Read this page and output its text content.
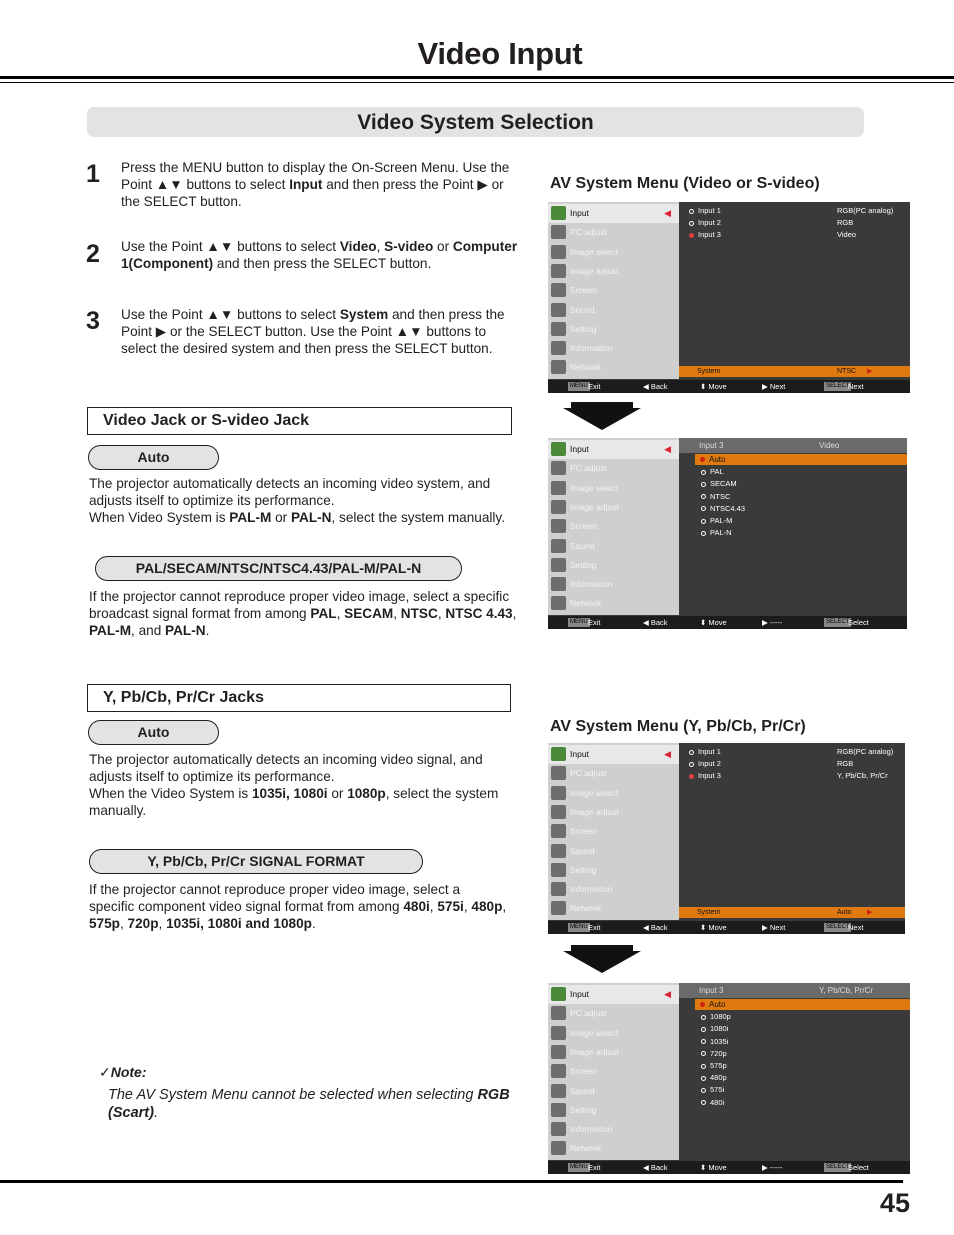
Video Input
Video System Selection
1 Press the MENU button to display the On-Screen Menu. Use the Point ▲▼ buttons to select Input and then press the Point ▶ or the SELECT button.
2 Use the Point ▲▼ buttons to select Video, S-video or Computer 1(Component) and then press the SELECT button.
3 Use the Point ▲▼ buttons to select System and then press the Point ▶ or the SELECT button. Use the Point ▲▼ buttons to select the desired system and then press the SELECT button.
Video Jack or S-video Jack
Auto
The projector automatically detects an incoming video system, and adjusts itself to optimize its performance.
When Video System is PAL-M or PAL-N, select the system manually.
PAL/SECAM/NTSC/NTSC4.43/PAL-M/PAL-N
If the projector cannot reproduce proper video image, select a specific broadcast signal format from among PAL, SECAM, NTSC, NTSC 4.43, PAL-M, and PAL-N.
Y, Pb/Cb, Pr/Cr Jacks
Auto
The projector automatically detects an incoming video signal, and adjusts itself to optimize its performance.
When the Video System is 1035i, 1080i or 1080p, select the system manually.
Y, Pb/Cb, Pr/Cr SIGNAL FORMAT
If the projector cannot reproduce proper video image, select a specific component video signal format from among 480i, 575i, 480p, 575p, 720p, 1035i, 1080i and 1080p.
✓Note:
The AV System Menu cannot be selected when selecting RGB (Scart).
AV System Menu (Video or S-video)
AV System Menu (Y, Pb/Cb, Pr/Cr)
Input	◀
PC adjust
Image select
Image adjust
Screen
Sound
Setting
Information
Network
MENU Exit	◀ Back	⬍ Move	▶ Next	SELECT
Next
Input 1	RGB(PC analog)
Input 2	RGB
Input 3	Video
System	NTSC ▶
Input	◀
PC adjust
Image select
Image adjust
Screen
Sound
Setting
Information
Network
MENU Exit	◀ Back	⬍ Move	▶ -----	SELECT
Select
Input 3	Video
Auto
PAL
SECAM
NTSC
NTSC4.43
PAL-M
PAL-N
Input	◀
PC adjust
Image select
Image adjust
Screen
Sound
Setting
Information
Network
MENU Exit	◀ Back	⬍ Move	▶ Next	SELECT
Next
Input 1	RGB(PC analog)
Input 2	RGB
Input 3	Y, Pb/Cb, Pr/Cr
System	Auto ▶
Input	◀
PC adjust
Image select
Image adjust
Screen
Sound
Setting
Information
Network
MENU Exit	◀ Back	⬍ Move	▶ -----	SELECT
Select
Input 3	Y, Pb/Cb, Pr/Cr
Auto
1080p
1080i
1035i
720p
575p
480p
575i
480i
45
